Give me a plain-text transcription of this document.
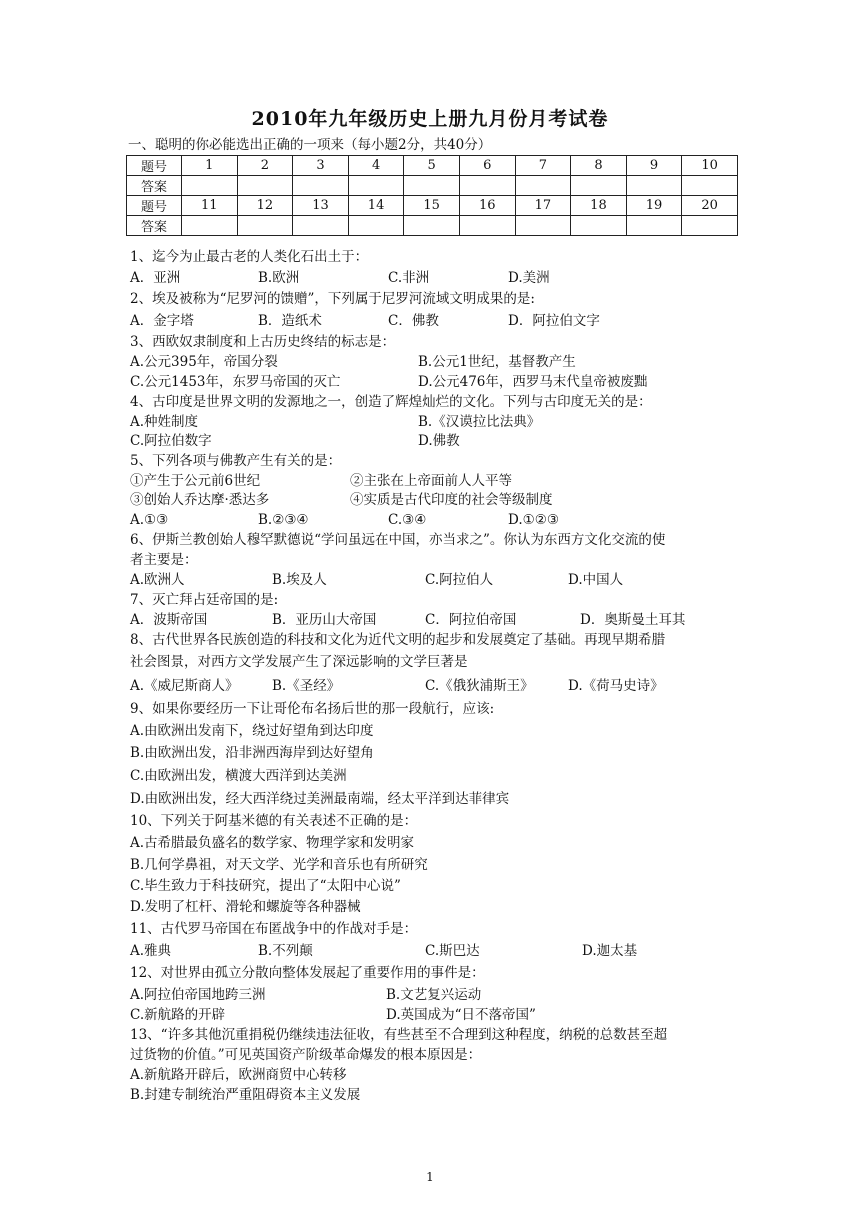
2010年九年级历史上册九月份月考试卷
一、聪明的你必能选出正确的一项来（每小题2分，共40分）
题号	1	2	3	4	5	6	7	8	9	10
答案										
题号	11	12	13	14	15	16	17	18	19	20
答案										
1、迄今为止最古老的人类化石出土于：
A．亚洲	B.欧洲	C.非洲	D.美洲
2、埃及被称为“尼罗河的馈赠”，下列属于尼罗河流域文明成果的是:
A．金字塔	B．造纸术	C．佛教	D．阿拉伯文字
3、西欧奴隶制度和上古历史终结的标志是：
A.公元395年，帝国分裂	B.公元1世纪，基督教产生
C.公元1453年，东罗马帝国的灭亡	D.公元476年，西罗马末代皇帝被废黜
4、古印度是世界文明的发源地之一，创造了辉煌灿烂的文化。下列与古印度无关的是：
A.种姓制度	B.《汉谟拉比法典》
C.阿拉伯数字	D.佛教
5、下列各项与佛教产生有关的是：
①产生于公元前6世纪	②主张在上帝面前人人平等
③创始人乔达摩·悉达多	④实质是古代印度的社会等级制度
A.①③	B.②③④	C.③④	D.①②③
6、伊斯兰教创始人穆罕默德说“学问虽远在中国，亦当求之”。你认为东西方文化交流的使
者主要是：
A.欧洲人	B.埃及人	C.阿拉伯人	D.中国人
7、灭亡拜占廷帝国的是:
A．波斯帝国	B．亚历山大帝国	C．阿拉伯帝国	D．奥斯曼土耳其
8、古代世界各民族创造的科技和文化为近代文明的起步和发展奠定了基础。再现早期希腊
社会图景，对西方文学发展产生了深远影响的文学巨著是
A.《威尼斯商人》 B.《圣经》	C.《俄狄浦斯王》	D.《荷马史诗》
9、如果你要经历一下让哥伦布名扬后世的那一段航行，应该:
A.由欧洲出发南下，绕过好望角到达印度
B.由欧洲出发，沿非洲西海岸到达好望角
C.由欧洲出发，横渡大西洋到达美洲
D.由欧洲出发，经大西洋绕过美洲最南端，经太平洋到达菲律宾
10、下列关于阿基米德的有关表述不正确的是：
A.古希腊最负盛名的数学家、物理学家和发明家
B.几何学鼻祖，对天文学、光学和音乐也有所研究
C.毕生致力于科技研究，提出了“太阳中心说”
D.发明了杠杆、滑轮和螺旋等各种器械
11、古代罗马帝国在布匿战争中的作战对手是：
A.雅典	B.不列颠	C.斯巴达	D.迦太基
12、对世界由孤立分散向整体发展起了重要作用的事件是：
A.阿拉伯帝国地跨三洲	B.文艺复兴运动
C.新航路的开辟	D.英国成为“日不落帝国”
13、“许多其他沉重捐税仍继续违法征收，有些甚至不合理到这种程度，纳税的总数甚至超
过货物的价值。”可见英国资产阶级革命爆发的根本原因是：
A.新航路开辟后，欧洲商贸中心转移
B.封建专制统治严重阻碍资本主义发展
1
